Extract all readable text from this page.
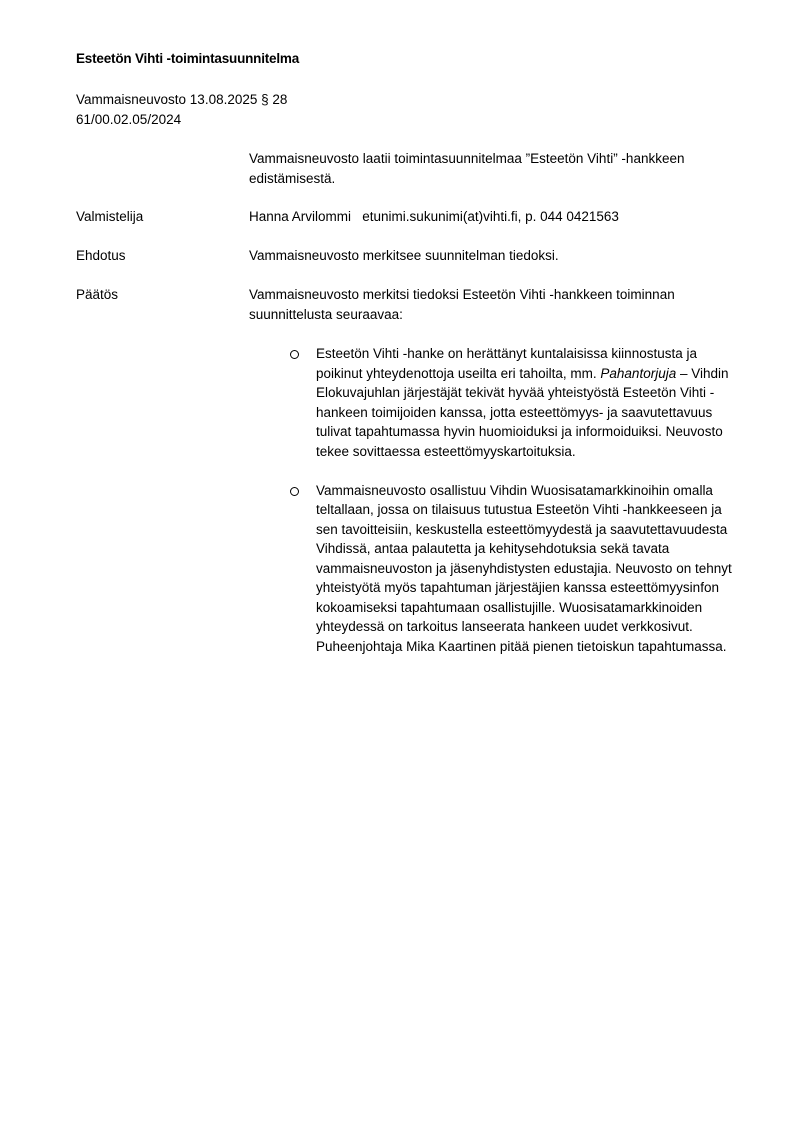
Esteetön Vihti -toimintasuunnitelma
Vammaisneuvosto 13.08.2025 § 28
61/00.02.05/2024
Vammaisneuvosto laatii toimintasuunnitelmaa ”Esteetön Vihti” -hankkeen edistämisestä.
Valmistelija	Hanna Arvilommi   etunimi.sukunimi(at)vihti.fi, p. 044 0421563
Ehdotus	Vammaisneuvosto merkitsee suunnitelman tiedoksi.
Päätös	Vammaisneuvosto merkitsi tiedoksi Esteetön Vihti -hankkeen toiminnan suunnittelusta seuraavaa:

Esteetön Vihti -hanke on herättänyt kuntalaisissa kiinnostusta ja poikinut yhteydenottoja useilta eri tahoilta, mm. Pahantorjuja – Vihdin Elokuvajuhlan järjestäjät tekivät hyvää yhteistyöstä Esteetön Vihti -hankeen toimijoiden kanssa, jotta esteettömyys- ja saavutettavuus tulivat tapahtumassa hyvin huomioiduksi ja informoiduiksi. Neuvosto tekee sovittaessa esteettömyyskartoituksia.

Vammaisneuvosto osallistuu Vihdin Wuosisatamarkkinoihin omalla teltallaan, jossa on tilaisuus tutustua Esteetön Vihti -hankkeeseen ja sen tavoitteisiin, keskustella esteettömyydestä ja saavutettavuudesta Vihdissä, antaa palautetta ja kehitysehdotuksia sekä tavata vammaisneuvoston ja jäsenyhdistysten edustajia. Neuvosto on tehnyt yhteistyötä myös tapahtuman järjestäjien kanssa esteettömyysinfon kokoamiseksi tapahtumaan osallistujille. Wuosisatamarkkinoiden yhteydessä on tarkoitus lanseerata hankeen uudet verkkosivut. Puheenjohtaja Mika Kaartinen pitää pienen tietoiskun tapahtumassa.
